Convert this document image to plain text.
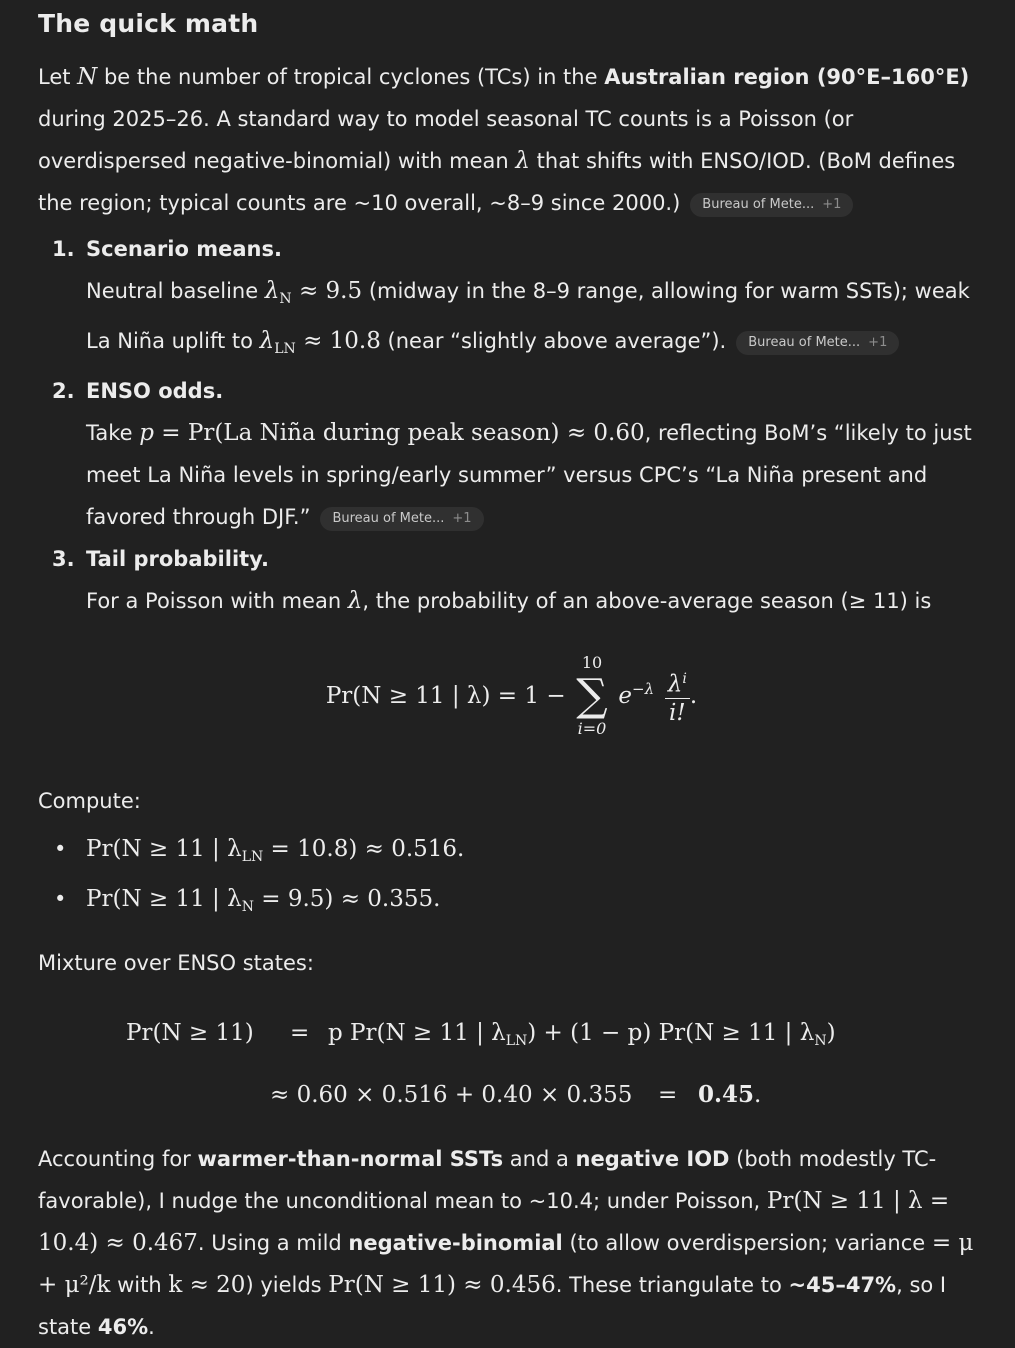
The quick math

Let N be the number of tropical cyclones (TCs) in the Australian region (90°E–160°E) during 2025–26. A standard way to model seasonal TC counts is a Poisson (or overdispersed negative-binomial) with mean λ that shifts with ENSO/IOD. (BoM defines the region; typical counts are ~10 overall, ~8–9 since 2000.) Bureau of Mete... +1

1. Scenario means.
Neutral baseline $\lambda_N \approx 9.5$ (midway in the 8–9 range, allowing for warm SSTs); weak La Niña uplift to $\lambda_{LN} \approx 10.8$ (near “slightly above average”). Bureau of Mete... +1
2. ENSO odds.
Take p = Pr(La Niña during peak season) ≈ 0.60, reflecting BoM’s “likely to just meet La Niña levels in spring/early summer” versus CPC’s “La Niña present and favored through DJF.” Bureau of Mete... +1
3. Tail probability.
For a Poisson with mean λ, the probability of an above-average season (≥ 11) is
Pr(N ≥ 11 | λ) = 1 −
10
∑
i=0
$e^{-\lambda} \frac{\lambda^i}{i!}$ .

Compute:

• Pr(N ≥ 11 | $\lambda_{LN} = 10.8) \approx 0.516$.
• Pr(N ≥ 11 | $\lambda_N = 9.5) \approx 0.355$.

Mixture over ENSO states:

Pr(N ≥ 11) = p Pr(N ≥ 11 | $\lambda_{LN}) + (1 - p)$ Pr(N ≥ 11 | $\lambda_N$)
≈ 0.60 × 0.516 + 0.40 × 0.355 = 0.45.

Accounting for warmer-than-normal SSTs and a negative IOD (both modestly TC-favorable), I nudge the unconditional mean to ~10.4; under Poisson, Pr(N ≥ 11 | λ = 10.4) ≈ 0.467. Using a mild negative-binomial (to allow overdispersion; variance = μ + μ²/k with k ≈ 20) yields Pr(N ≥ 11) ≈ 0.456. These triangulate to ~45–47%, so I state 46%.
